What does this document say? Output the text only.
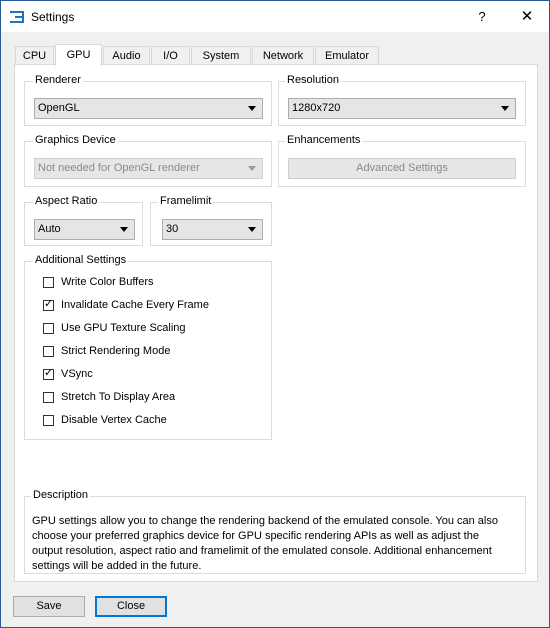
Settings	?	✕
CPU	GPU	Audio	I/O	System	Network	Emulator
Renderer
OpenGL
Resolution
1280x720
Graphics Device
Not needed for OpenGL renderer
Enhancements
Advanced Settings
Aspect Ratio
Auto
Framelimit
30
Additional Settings
Write Color Buffers
✓ Invalidate Cache Every Frame
Use GPU Texture Scaling
Strict Rendering Mode
✓ VSync
Stretch To Display Area
Disable Vertex Cache
Description
GPU settings allow you to change the rendering backend of the emulated console. You can also choose your preferred graphics device for GPU specific rendering APIs as well as adjust the output resolution, aspect ratio and framelimit of the emulated console. Additional enhancement settings will be added in the future.
Save	Close
